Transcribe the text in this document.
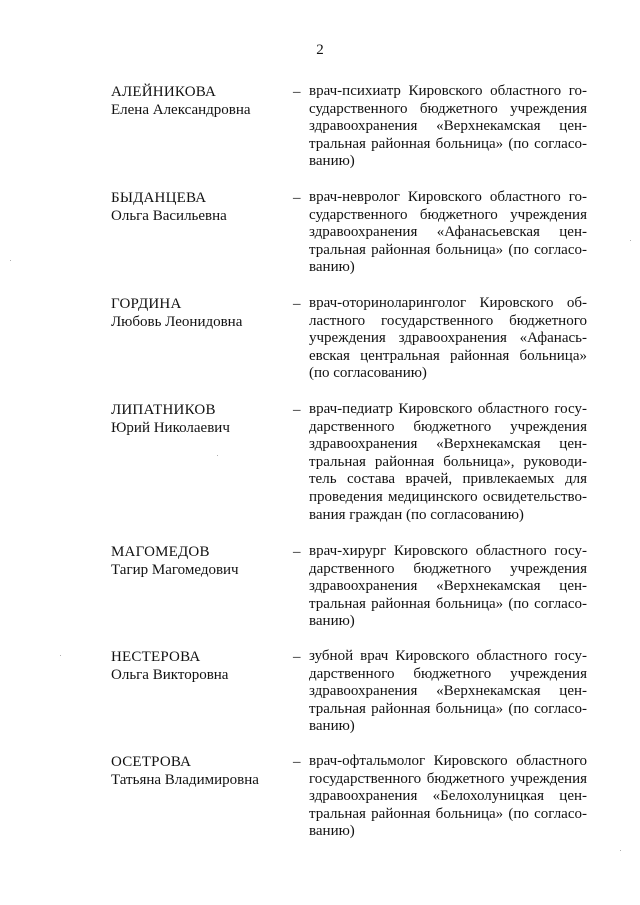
2
АЛЕЙНИКОВА
Елена Александровна
– врач-психиатр Кировского областного го-
сударственного бюджетного учреждения
здравоохранения «Верхнекамская цен-
тральная районная больница» (по согласо-
ванию)
БЫДАНЦЕВА
Ольга Васильевна
– врач-невролог Кировского областного го-
сударственного бюджетного учреждения
здравоохранения «Афанасьевская цен-
тральная районная больница» (по согласо-
ванию)
ГОРДИНА
Любовь Леонидовна
– врач-оториноларинголог Кировского об-
ластного государственного бюджетного
учреждения здравоохранения «Афанась-
евская центральная районная больница»
(по согласованию)
ЛИПАТНИКОВ
Юрий Николаевич
– врач-педиатр Кировского областного госу-
дарственного бюджетного учреждения
здравоохранения «Верхнекамская цен-
тральная районная больница», руководи-
тель состава врачей, привлекаемых для
проведения медицинского освидетельство-
вания граждан (по согласованию)
МАГОМЕДОВ
Тагир Магомедович
– врач-хирург Кировского областного госу-
дарственного бюджетного учреждения
здравоохранения «Верхнекамская цен-
тральная районная больница» (по согласо-
ванию)
НЕСТЕРОВА
Ольга Викторовна
– зубной врач Кировского областного госу-
дарственного бюджетного учреждения
здравоохранения «Верхнекамская цен-
тральная районная больница» (по согласо-
ванию)
ОСЕТРОВА
Татьяна Владимировна
– врач-офтальмолог Кировского областного
государственного бюджетного учреждения
здравоохранения «Белохолуницкая цен-
тральная районная больница» (по согласо-
ванию)
